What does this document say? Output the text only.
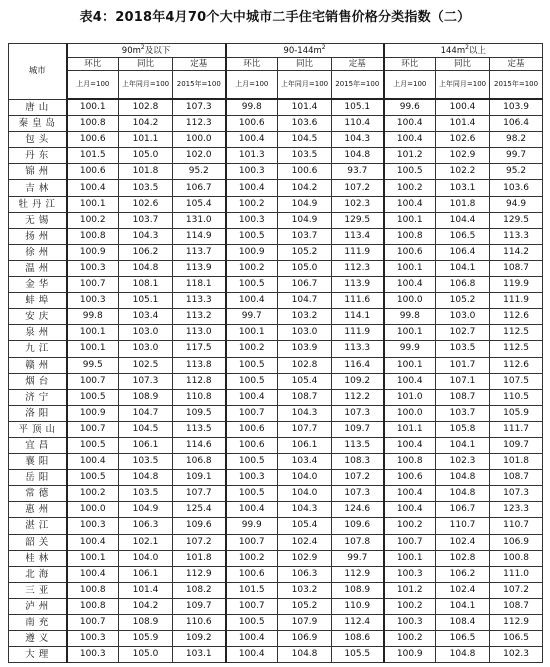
表4：2018年4月70个大中城市二手住宅销售价格分类指数（二）
城市	$90m^2$及以下			$90-144m^2$			$144m^2$以上		
	环比	同比	定基	环比	同比	定基	环比	同比	定基
	上月=100	上年同月=100	2015年=100	上月=100	上年同月=100	2015年=100	上月=100	上年同月=100	2015年=100
唐山	100.1	102.8	107.3	99.8	101.4	105.1	99.6	100.4	103.9
秦皇岛	100.8	104.2	112.3	100.6	103.6	110.4	100.4	101.4	106.4
包头	100.6	101.1	100.0	100.4	104.5	104.3	100.4	102.6	98.2
丹东	101.5	105.0	102.0	101.3	103.5	104.8	101.2	102.9	99.7
锦州	100.6	101.8	95.2	100.3	100.6	93.7	100.5	102.2	95.2
吉林	100.4	103.5	106.7	100.4	104.2	107.2	100.2	103.1	103.6
牡丹江	100.1	102.6	105.4	100.2	104.9	102.3	100.4	101.8	94.9
无锡	100.2	103.7	131.0	100.3	104.9	129.5	100.1	104.4	129.5
扬州	100.8	104.3	114.9	100.5	103.7	113.4	100.8	106.5	113.3
徐州	100.9	106.2	113.7	100.9	105.2	111.9	100.6	106.4	114.2
温州	100.3	104.8	113.9	100.2	105.0	112.3	100.1	104.1	108.7
金华	100.7	108.1	118.1	100.5	106.7	113.9	100.4	106.8	119.9
蚌埠	100.3	105.1	113.3	100.4	104.7	111.6	100.0	105.2	111.9
安庆	99.8	103.4	113.2	99.7	103.2	114.1	99.8	103.0	112.6
泉州	100.1	103.0	113.0	100.1	103.0	111.9	100.1	102.7	112.5
九江	100.1	103.0	117.5	100.2	103.9	113.3	99.9	103.5	112.5
赣州	99.5	102.5	113.8	100.5	102.8	116.4	100.1	101.7	112.6
烟台	100.7	107.3	112.8	100.5	105.4	109.2	100.4	107.1	107.5
济宁	100.5	108.9	110.8	100.4	108.7	112.2	101.0	108.7	110.5
洛阳	100.9	104.7	109.5	100.7	104.3	107.3	100.0	103.7	105.9
平顶山	100.7	104.5	113.5	100.6	107.7	109.7	101.1	105.8	111.7
宜昌	100.5	106.1	114.6	100.6	106.1	113.5	100.4	104.1	109.7
襄阳	100.4	103.5	106.8	100.5	103.4	108.3	100.8	102.3	101.8
岳阳	100.5	104.8	109.1	100.3	104.0	107.2	100.6	104.8	108.7
常德	100.2	103.5	107.7	100.5	104.0	107.3	100.4	104.8	107.3
惠州	100.0	104.9	125.4	100.4	104.3	124.6	100.4	106.7	123.3
湛江	100.3	106.3	109.6	99.9	105.4	109.6	100.2	110.7	110.7
韶关	100.4	102.1	107.2	100.7	102.4	107.8	100.7	102.4	106.9
桂林	100.1	104.0	101.8	100.2	102.9	99.7	100.1	102.8	100.8
北海	100.4	106.1	112.9	100.6	106.3	112.9	100.3	106.2	111.0
三亚	100.8	101.4	108.2	101.5	103.2	108.9	101.2	102.4	107.2
泸州	100.8	104.2	109.7	100.7	105.2	110.9	100.2	104.1	108.7
南充	100.7	108.9	110.6	100.5	107.9	112.4	100.3	108.4	112.9
遵义	100.3	105.9	109.2	100.4	106.9	108.6	100.2	106.5	106.5
大理	100.3	105.0	103.1	100.4	104.8	105.5	100.9	104.8	102.3
